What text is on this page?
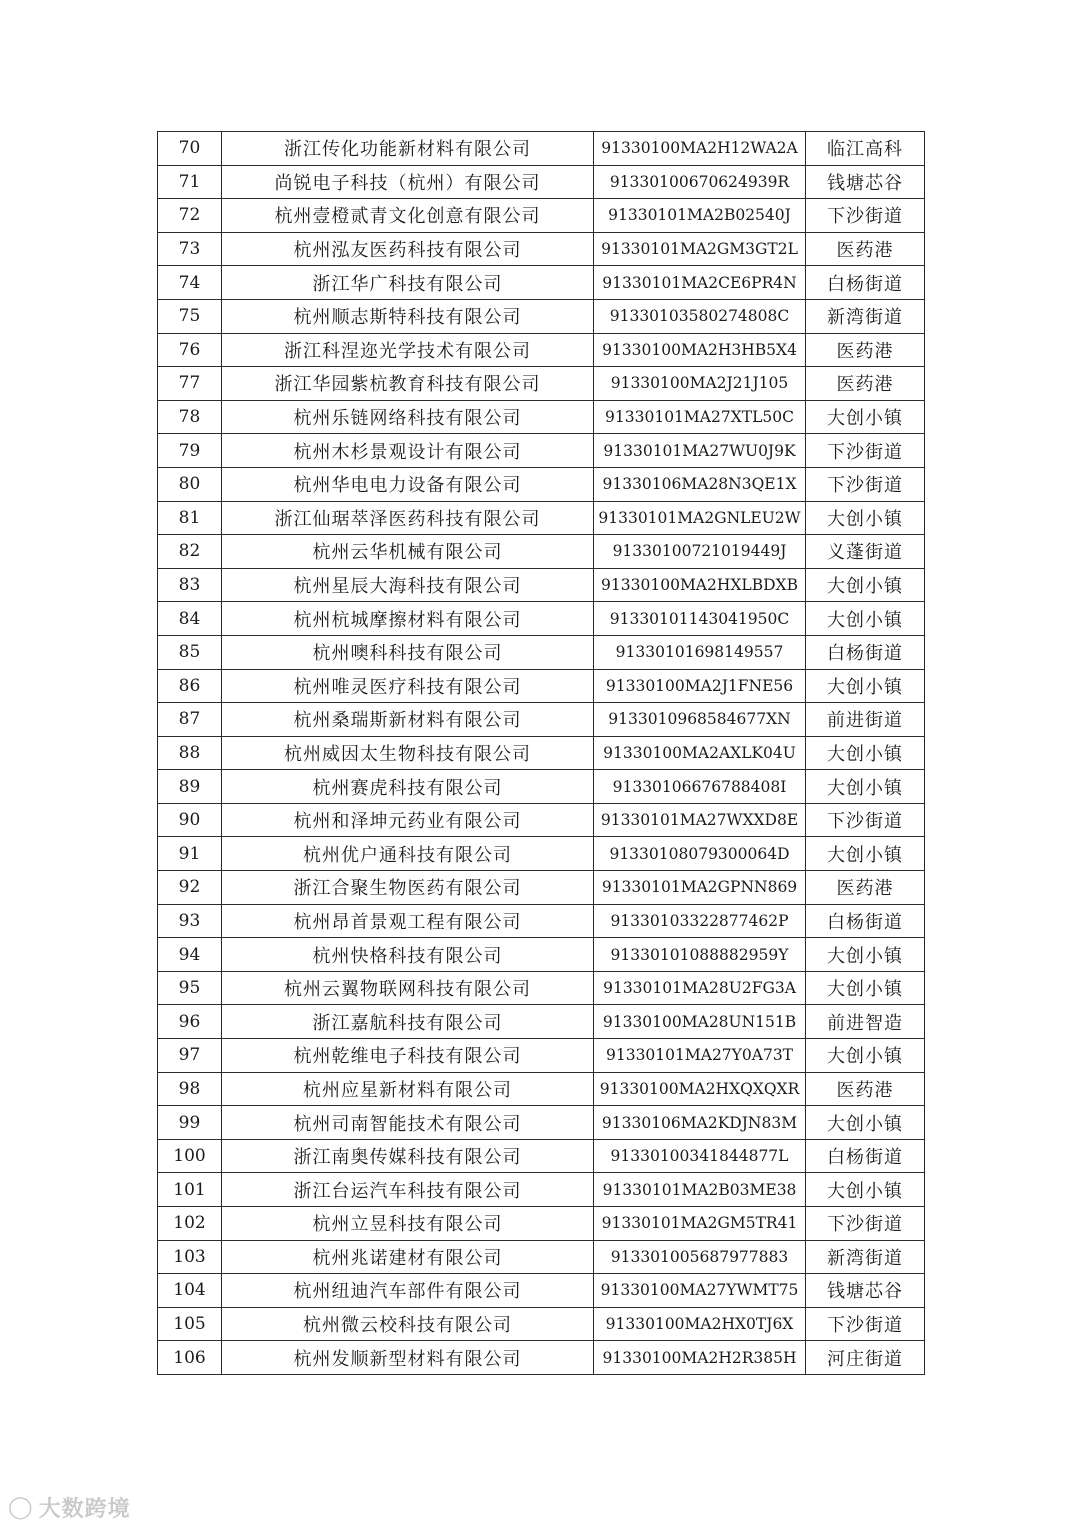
70	浙江传化功能新材料有限公司	91330100MA2H12WA2A	临江高科
71	尚锐电子科技（杭州）有限公司	91330100670624939R	钱塘芯谷
72	杭州壹橙贰青文化创意有限公司	91330101MA2B02540J	下沙街道
73	杭州泓友医药科技有限公司	91330101MA2GM3GT2L	医药港
74	浙江华广科技有限公司	91330101MA2CE6PR4N	白杨街道
75	杭州顺志斯特科技有限公司	91330103580274808C	新湾街道
76	浙江科涅迩光学技术有限公司	91330100MA2H3HB5X4	医药港
77	浙江华园紫杭教育科技有限公司	91330100MA2J21J105	医药港
78	杭州乐链网络科技有限公司	91330101MA27XTL50C	大创小镇
79	杭州木杉景观设计有限公司	91330101MA27WU0J9K	下沙街道
80	杭州华电电力设备有限公司	91330106MA28N3QE1X	下沙街道
81	浙江仙琚萃泽医药科技有限公司	91330101MA2GNLEU2W	大创小镇
82	杭州云华机械有限公司	91330100721019449J	义蓬街道
83	杭州星辰大海科技有限公司	91330100MA2HXLBDXB	大创小镇
84	杭州杭城摩擦材料有限公司	91330101143041950C	大创小镇
85	杭州噢科科技有限公司	91330101698149557	白杨街道
86	杭州唯灵医疗科技有限公司	91330100MA2J1FNE56	大创小镇
87	杭州桑瑞斯新材料有限公司	9133010968584677XN	前进街道
88	杭州威因太生物科技有限公司	91330100MA2AXLK04U	大创小镇
89	杭州赛虎科技有限公司	91330106676788408I	大创小镇
90	杭州和泽坤元药业有限公司	91330101MA27WXXD8E	下沙街道
91	杭州优户通科技有限公司	91330108079300064D	大创小镇
92	浙江合聚生物医药有限公司	91330101MA2GPNN869	医药港
93	杭州昂首景观工程有限公司	91330103322877462P	白杨街道
94	杭州快格科技有限公司	91330101088882959Y	大创小镇
95	杭州云翼物联网科技有限公司	91330101MA28U2FG3A	大创小镇
96	浙江嘉航科技有限公司	91330100MA28UN151B	前进智造
97	杭州乾维电子科技有限公司	91330101MA27Y0A73T	大创小镇
98	杭州应星新材料有限公司	91330100MA2HXQXQXR	医药港
99	杭州司南智能技术有限公司	91330106MA2KDJN83M	大创小镇
100	浙江南奥传媒科技有限公司	91330100341844877L	白杨街道
101	浙江台运汽车科技有限公司	91330101MA2B03ME38	大创小镇
102	杭州立昱科技有限公司	91330101MA2GM5TR41	下沙街道
103	杭州兆诺建材有限公司	91330100568797788​3	新湾街道
104	杭州纽迪汽车部件有限公司	91330100MA27YWMT75	钱塘芯谷
105	杭州微云校科技有限公司	91330100MA2HX0TJ6X	下沙街道
106	杭州发顺新型材料有限公司	91330100MA2H2R385H	河庄街道
◯ 大数跨境
